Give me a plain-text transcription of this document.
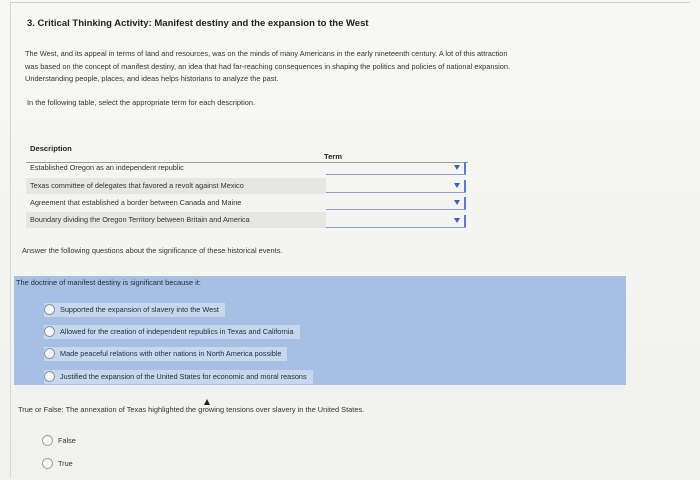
3. Critical Thinking Activity: Manifest destiny and the expansion to the West
The West, and its appeal in terms of land and resources, was on the minds of many Americans in the early nineteenth century. A lot of this attraction
was based on the concept of manifest destiny, an idea that had far-reaching consequences in shaping the politics and policies of national expansion.
Understanding people, places, and ideas helps historians to analyze the past.
In the following table, select the appropriate term for each description.
Description
Term
Established Oregon as an independent republic
Texas committee of delegates that favored a revolt against Mexico
Agreement that established a border between Canada and Maine
Boundary dividing the Oregon Territory between Britain and America
Answer the following questions about the significance of these historical events.
The doctrine of manifest destiny is significant because it:
Supported the expansion of slavery into the West
Allowed for the creation of independent republics in Texas and California
Made peaceful relations with other nations in North America possible
Justified the expansion of the United States for economic and moral reasons
True or False: The annexation of Texas highlighted the growing tensions over slavery in the United States.
False
True
